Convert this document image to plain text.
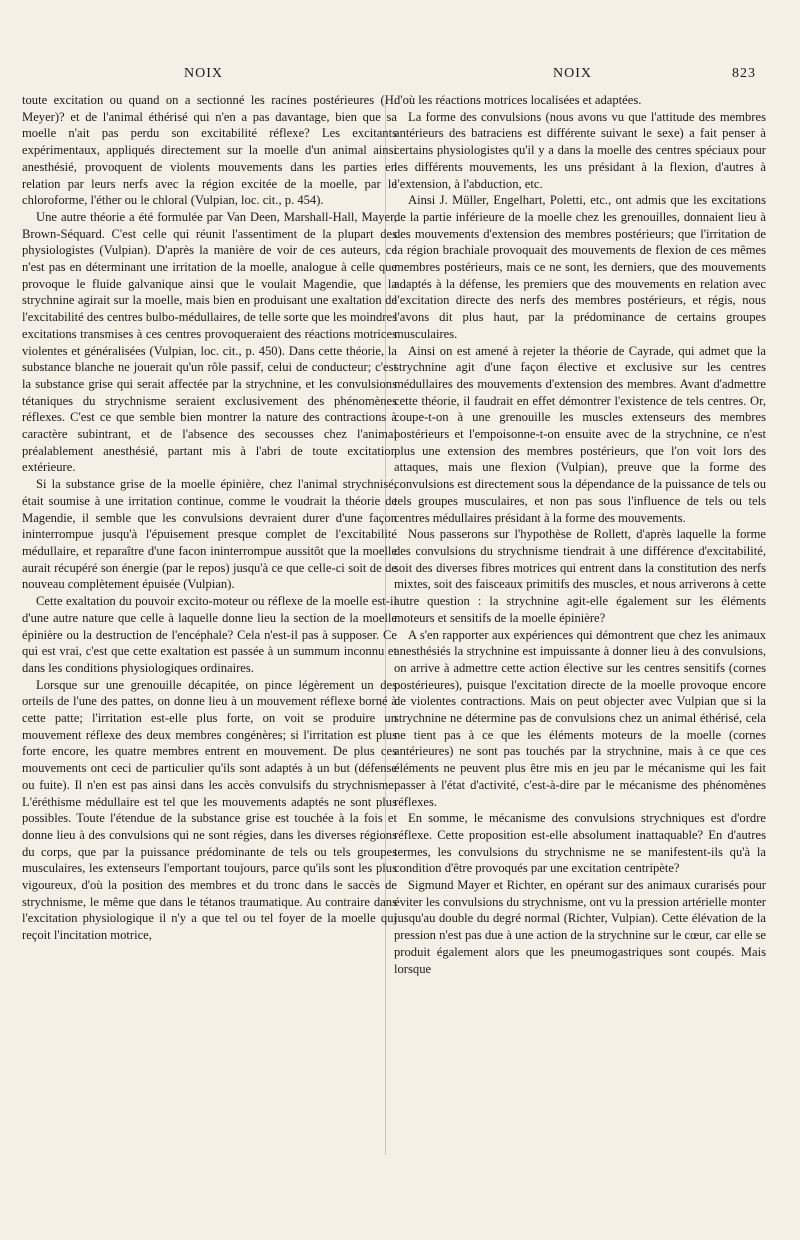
NOIX	NOIX	823

toute excitation ou quand on a sectionné les racines postérieures (H. Meyer)? et de l'animal éthérisé qui n'en a pas davantage, bien que sa moelle n'ait pas perdu son excitabilité réflexe? Les excitants expérimentaux, appliqués directement sur la moelle d'un animal ainsi anesthésié, provoquent de violents mouvements dans les parties en relation par leurs nerfs avec la région excitée de la moelle, par le chloroforme, l'éther ou le chloral (Vulpian, loc. cit., p. 454).

Une autre théorie a été formulée par Van Deen, Marshall-Hall, Mayer, Brown-Séquard. C'est celle qui réunit l'assentiment de la plupart des physiologistes (Vulpian). D'après la manière de voir de ces auteurs, ce n'est pas en déterminant une irritation de la moelle, analogue à celle que provoque le fluide galvanique ainsi que le voulait Magendie, que la strychnine agirait sur la moelle, mais bien en produisant une exaltation de l'excitabilité des centres bulbo-médullaires, de telle sorte que les moindres excitations transmises à ces centres provoqueraient des réactions motrices violentes et généralisées (Vulpian, loc. cit., p. 450). Dans cette théorie, la substance blanche ne jouerait qu'un rôle passif, celui de conducteur; c'est la substance grise qui serait affectée par la strychnine, et les convulsions tétaniques du strychnisme seraient exclusivement des phénomènes réflexes. C'est ce que semble bien montrer la nature des contractions à caractère subintrant, et de l'absence des secousses chez l'animal préalablement anesthésié, partant mis à l'abri de toute excitation extérieure.

Si la substance grise de la moelle épinière, chez l'animal strychnisé, était soumise à une irritation continue, comme le voudrait la théorie de Magendie, il semble que les convulsions devraient durer d'une façon ininterrompue jusqu'à l'épuisement presque complet de l'excitabilité médullaire, et reparaître d'une facon ininterrompue aussitôt que la moelle aurait récupéré son énergie (par le repos) jusqu'à ce que celle-ci soit de de nouveau complètement épuisée (Vulpian).

Cette exaltation du pouvoir excito-moteur ou réflexe de la moelle est-il d'une autre nature que celle à laquelle donne lieu la section de la moelle épinière ou la destruction de l'encéphale? Cela n'est-il pas à supposer. Ce qui est vrai, c'est que cette exaltation est passée à un summum inconnu et dans les conditions physiologiques ordinaires.

Lorsque sur une grenouille décapitée, on pince légèrement un des orteils de l'une des pattes, on donne lieu à un mouvement réflexe borné à cette patte; l'irritation est-elle plus forte, on voit se produire un mouvement réflexe des deux membres congénères; si l'irritation est plus forte encore, les quatre membres entrent en mouvement. De plus ces mouvements ont ceci de particulier qu'ils sont adaptés à un but (défense ou fuite). Il n'en est pas ainsi dans les accès convulsifs du strychnisme. L'éréthisme médullaire est tel que les mouvements adaptés ne sont plus possibles. Toute l'étendue de la substance grise est touchée à la fois et donne lieu à des convulsions qui ne sont régies, dans les diverses régions du corps, que par la puissance prédominante de tels ou tels groupes musculaires, les extenseurs l'emportant toujours, parce qu'ils sont les plus vigoureux, d'où la position des membres et du tronc dans le saccès de strychnisme, le même que dans le tétanos traumatique. Au contraire dans l'excitation physiologique il n'y a que tel ou tel foyer de la moelle qui reçoit l'incitation motrice,

d'où les réactions motrices localisées et adaptées.

La forme des convulsions (nous avons vu que l'attitude des membres antérieurs des batraciens est différente suivant le sexe) a fait penser à certains physiologistes qu'il y a dans la moelle des centres spéciaux pour les différents mouvements, les uns présidant à la flexion, d'autres à l'extension, à l'abduction, etc.

Ainsi J. Müller, Engelhart, Poletti, etc., ont admis que les excitations de la partie inférieure de la moelle chez les grenouilles, donnaient lieu à des mouvements d'extension des membres postérieurs; que l'irritation de la région brachiale provoquait des mouvements de flexion de ces mêmes membres postérieurs, mais ce ne sont, les derniers, que des mouvements adaptés à la défense, les premiers que des mouvements en relation avec l'excitation directe des nerfs des membres postérieurs, et régis, nous l'avons dit plus haut, par la prédominance de certains groupes musculaires.

Ainsi on est amené à rejeter la théorie de Cayrade, qui admet que la strychnine agit d'une façon élective et exclusive sur les centres médullaires des mouvements d'extension des membres. Avant d'admettre cette théorie, il faudrait en effet démontrer l'existence de tels centres. Or, coupe-t-on à une grenouille les muscles extenseurs des membres postérieurs et l'empoisonne-t-on ensuite avec de la strychnine, ce n'est plus une extension des membres postérieurs, que l'on voit lors des attaques, mais une flexion (Vulpian), preuve que la forme des convulsions est directement sous la dépendance de la puissance de tels ou tels groupes musculaires, et non pas sous l'influence de tels ou tels centres médullaires présidant à la forme des mouvements.

Nous passerons sur l'hypothèse de Rollett, d'après laquelle la forme des convulsions du strychnisme tiendrait à une différence d'excitabilité, soit des diverses fibres motrices qui entrent dans la constitution des nerfs mixtes, soit des faisceaux primitifs des muscles, et nous arriverons à cette autre question : la strychnine agit-elle également sur les éléments moteurs et sensitifs de la moelle épinière?

A s'en rapporter aux expériences qui démontrent que chez les animaux anesthésiés la strychnine est impuissante à donner lieu à des convulsions, on arrive à admettre cette action élective sur les centres sensitifs (cornes postérieures), puisque l'excitation directe de la moelle provoque encore de violentes contractions. Mais on peut objecter avec Vulpian que si la strychnine ne détermine pas de convulsions chez un animal éthérisé, cela ne tient pas à ce que les éléments moteurs de la moelle (cornes antérieures) ne sont pas touchés par la strychnine, mais à ce que ces éléments ne peuvent plus être mis en jeu par le mécanisme qui les fait passer à l'état d'activité, c'est-à-dire par le mécanisme des phénomènes réflexes.

En somme, le mécanisme des convulsions strychniques est d'ordre réflexe. Cette proposition est-elle absolument inattaquable? En d'autres termes, les convulsions du strychnisme ne se manifestent-ils qu'à la condition d'être provoqués par une excitation centripète?

Sigmund Mayer et Richter, en opérant sur des animaux curarisés pour éviter les convulsions du strychnisme, ont vu la pression artérielle monter jusqu'au double du degré normal (Richter, Vulpian). Cette élévation de la pression n'est pas due à une action de la strychnine sur le cœur, car elle se produit également alors que les pneumogastriques sont coupés. Mais lorsque
